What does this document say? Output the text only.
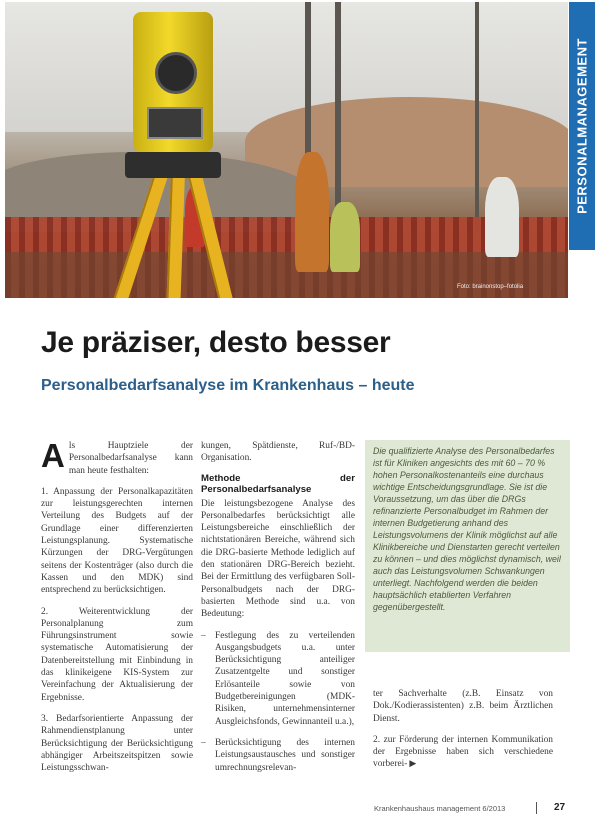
Foto: brainonstop–fotolia
PERSONALMANAGEMENT
Je präziser, desto besser
Personalbedarfsanalyse im Krankenhaus – heute

Als Hauptziele der Personalbedarfsanalyse kann man heute festhalten:

1. Anpassung der Personalkapazitäten zur leistungsgerechten internen Verteilung des Budgets auf der Grundlage einer differenzierten Leistungsplanung. Systematische Kürzungen der DRG-Vergütungen seitens der Kostenträger (also durch die Kassen und den MDK) sind entsprechend zu berücksichtigen.

2. Weiterentwicklung der Personalplanung zum Führungsinstrument sowie systematische Automatisierung der Datenbereitstellung mit Einbindung in das klinikeigene KIS-System zur Vereinfachung der Aktualisierung der Ergebnisse.

3. Bedarfsorientierte Anpassung der Rahmendienstplanung unter Berücksichtigung der Berücksichtigung abhängiger Arbeitszeitspitzen sowie Leistungsschwan-

kungen, Spätdienste, Ruf-/BD-Organisation.

Methode der Personalbedarfsanalyse

Die leistungsbezogene Analyse des Personalbedarfes berücksichtigt alle Leistungsbereiche einschließlich der nichtstationären Bereiche, während sich die DRG-basierte Methode lediglich auf den stationären DRG-Bereich bezieht. Bei der Ermittlung des verfügbaren Soll-Personalbudgets nach der DRG-basierten Methode sind u.a. von Bedeutung:

– Festlegung des zu verteilenden Ausgangsbudgets u.a. unter Berücksichtigung anteiliger Zusatzentgelte und sonstiger Erlösanteile sowie von Budgetbereinigungen (MDK-Risiken, unternehmensinterner Ausgleichsfonds, Gewinnanteil u.a.),
– Berücksichtigung des internen Leistungsaustausches und sonstiger umrechnungsrelevan-

Die qualifizierte Analyse des Personalbedarfes ist für Kliniken angesichts des mit 60 – 70 % hohen Personalkostenanteils eine durchaus wichtige Entscheidungsgrundlage. Sie ist die Voraussetzung, um das über die DRGs refinanzierte Personalbudget im Rahmen der internen Budgetierung anhand des Leistungsvolumens der Klinik möglichst auf alle Klinikbereiche und Dienstarten gerecht verteilen zu können – und dies möglichst dynamisch, weil auch das Leistungsvolumen Schwankungen unterliegt. Nachfolgend werden die beiden hauptsächlich etablierten Verfahren gegenübergestellt.

ter Sachverhalte (z.B. Einsatz von Dok./Kodierassistenten) z.B. beim Ärztlichen Dienst.

2. zur Förderung der internen Kommunikation der Ergebnisse haben sich verschiedene vorberei- ▶

Krankenhaushaus management 6/2013	27
